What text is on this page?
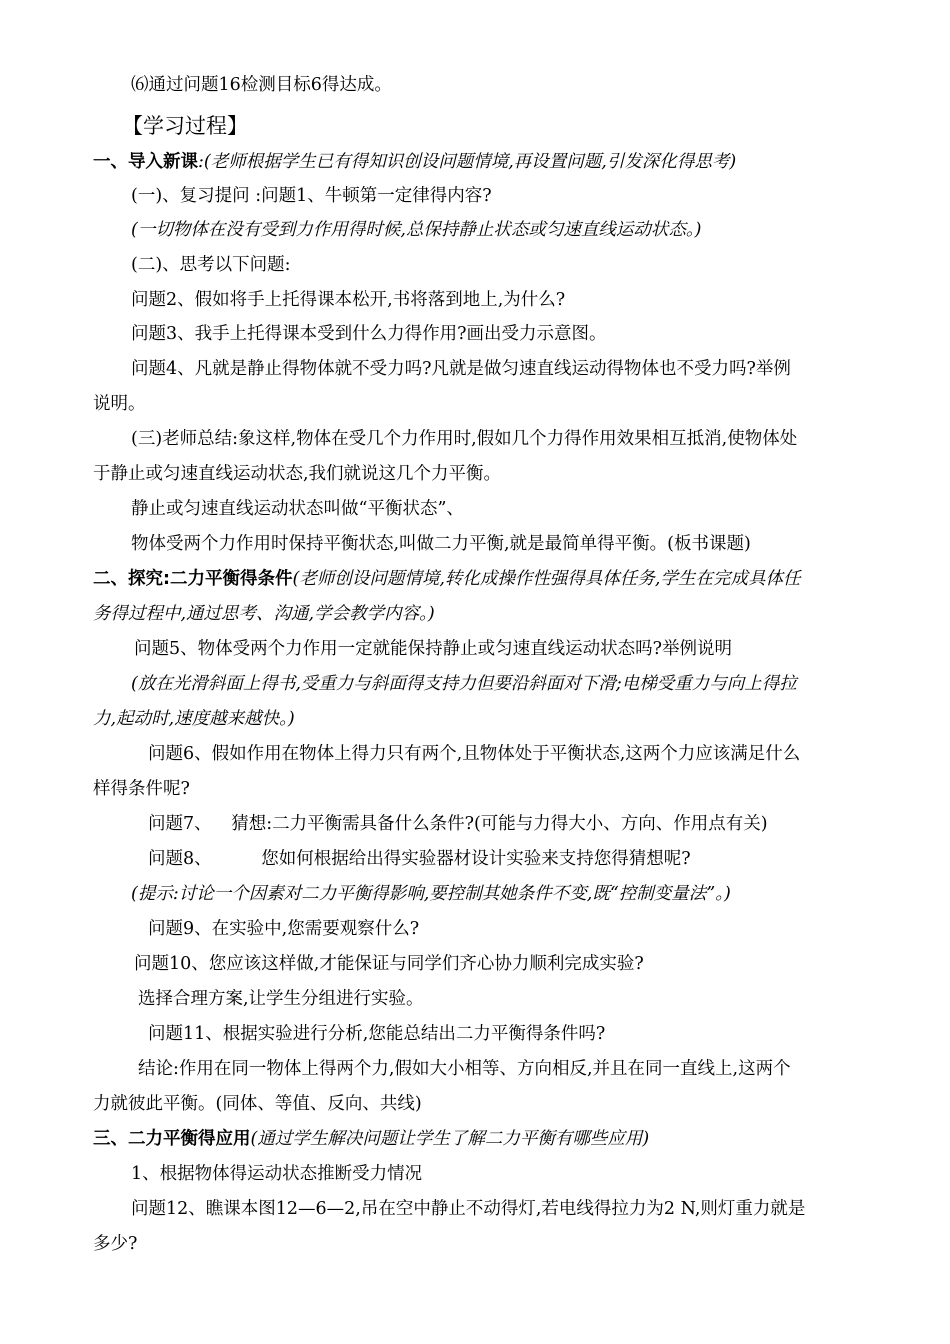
⑹通过问题16检测目标6得达成。
【学习过程】
一、导入新课:(老师根据学生已有得知识创设问题情境,再设置问题,引发深化得思考)
(一)、复习提问 :问题1、牛顿第一定律得内容?
(一切物体在没有受到力作用得时候,总保持静止状态或匀速直线运动状态。)
(二)、思考以下问题:
问题2、假如将手上托得课本松开,书将落到地上,为什么?
问题3、我手上托得课本受到什么力得作用?画出受力示意图。
问题4、凡就是静止得物体就不受力吗?凡就是做匀速直线运动得物体也不受力吗?举例
说明。
(三)老师总结:象这样,物体在受几个力作用时,假如几个力得作用效果相互抵消,使物体处
于静止或匀速直线运动状态,我们就说这几个力平衡。
静止或匀速直线运动状态叫做“平衡状态”、
物体受两个力作用时保持平衡状态,叫做二力平衡,就是最简单得平衡。(板书课题)
二、探究:二力平衡得条件(老师创设问题情境,转化成操作性强得具体任务,学生在完成具体任
务得过程中,通过思考、沟通,学会教学内容。)
问题5、物体受两个力作用一定就能保持静止或匀速直线运动状态吗?举例说明
(放在光滑斜面上得书,受重力与斜面得支持力但要沿斜面对下滑;电梯受重力与向上得拉
力,起动时,速度越来越快。)
问题6、假如作用在物体上得力只有两个,且物体处于平衡状态,这两个力应该满足什么
样得条件呢?
问题7、 猜想:二力平衡需具备什么条件?(可能与力得大小、方向、作用点有关)
问题8、 您如何根据给出得实验器材设计实验来支持您得猜想呢?
(提示:讨论一个因素对二力平衡得影响,要控制其她条件不变,既“控制变量法”。)
问题9、在实验中,您需要观察什么?
问题10、您应该这样做,才能保证与同学们齐心协力顺利完成实验?
选择合理方案,让学生分组进行实验。
问题11、根据实验进行分析,您能总结出二力平衡得条件吗?
结论:作用在同一物体上得两个力,假如大小相等、方向相反,并且在同一直线上,这两个
力就彼此平衡。(同体、等值、反向、共线)
三、二力平衡得应用(通过学生解决问题让学生了解二力平衡有哪些应用)
1、根据物体得运动状态推断受力情况
问题12、瞧课本图12—6—2,吊在空中静止不动得灯,若电线得拉力为2 N,则灯重力就是
多少?
